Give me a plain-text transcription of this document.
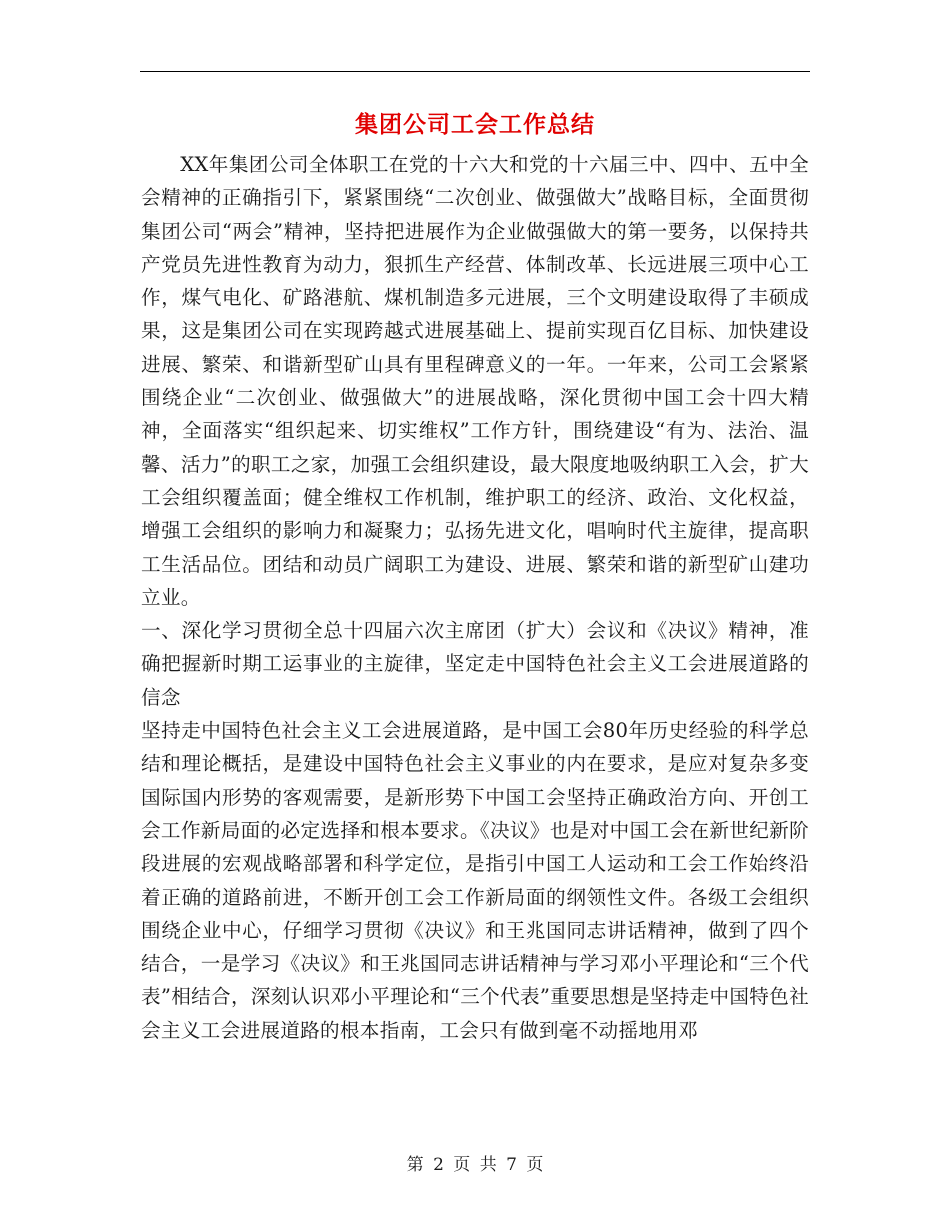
集团公司工会工作总结

XX年集团公司全体职工在党的十六大和党的十六届三中、四中、五中全会精神的正确指引下，紧紧围绕“二次创业、做强做大”战略目标，全面贯彻集团公司“两会”精神，坚持把进展作为企业做强做大的第一要务，以保持共产党员先进性教育为动力，狠抓生产经营、体制改革、长远进展三项中心工作，煤气电化、矿路港航、煤机制造多元进展，三个文明建设取得了丰硕成果，这是集团公司在实现跨越式进展基础上、提前实现百亿目标、加快建设进展、繁荣、和谐新型矿山具有里程碑意义的一年。一年来，公司工会紧紧围绕企业“二次创业、做强做大”的进展战略，深化贯彻中国工会十四大精神，全面落实“组织起来、切实维权”工作方针，围绕建设“有为、法治、温馨、活力”的职工之家，加强工会组织建设，最大限度地吸纳职工入会，扩大工会组织覆盖面；健全维权工作机制，维护职工的经济、政治、文化权益，增强工会组织的影响力和凝聚力；弘扬先进文化，唱响时代主旋律，提高职工生活品位。团结和动员广阔职工为建设、进展、繁荣和谐的新型矿山建功立业。

一、深化学习贯彻全总十四届六次主席团（扩大）会议和《决议》精神，准确把握新时期工运事业的主旋律，坚定走中国特色社会主义工会进展道路的信念

坚持走中国特色社会主义工会进展道路，是中国工会80年历史经验的科学总结和理论概括，是建设中国特色社会主义事业的内在要求，是应对复杂多变国际国内形势的客观需要，是新形势下中国工会坚持正确政治方向、开创工会工作新局面的必定选择和根本要求。《决议》也是对中国工会在新世纪新阶段进展的宏观战略部署和科学定位，是指引中国工人运动和工会工作始终沿着正确的道路前进，不断开创工会工作新局面的纲领性文件。各级工会组织围绕企业中心，仔细学习贯彻《决议》和王兆国同志讲话精神，做到了四个结合，一是学习《决议》和王兆国同志讲话精神与学习邓小平理论和“三个代表”相结合，深刻认识邓小平理论和“三个代表”重要思想是坚持走中国特色社会主义工会进展道路的根本指南，工会只有做到毫不动摇地用邓

第 2 页 共 7 页
